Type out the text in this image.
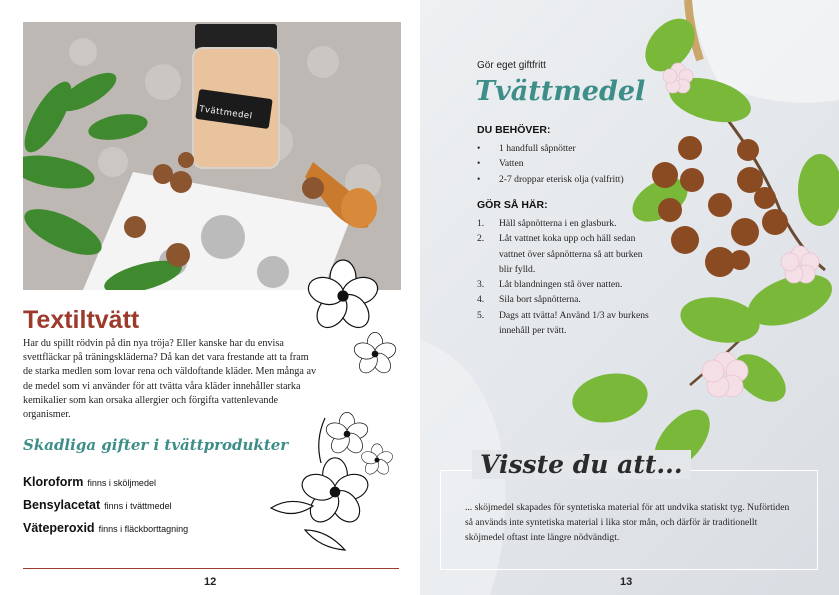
Tvättmedel
Textiltvätt

Har du spillt rödvin på din nya tröja? Eller kanske har du envisa svettfläckar på träningskläderna? Då kan det vara frestande att ta fram de starka medlen som lovar rena och väldoftande kläder. Men många av de medel som vi använder för att tvätta våra kläder innehåller starka kemikalier som kan orsaka allergier och förgifta vattenlevande organismer.

Skadliga gifter i tvättprodukter
Kloroform finns i sköljmedel
Bensylacetat finns i tvättmedel
Väteperoxid finns i fläckborttagning
12
Gör eget giftfritt
Tvättmedel
DU BEHÖVER:
• 1 handfull såpnötter
• Vatten
• 2-7 droppar eterisk olja (valfritt)
GÖR SÅ HÄR:
1. Häll såpnötterna i en glasburk.
2. Låt vattnet koka upp och häll sedan vattnet över såpnötterna så att burken blir fylld.
3. Låt blandningen stå över natten.
4. Sila bort såpnötterna.
5. Dags att tvätta! Använd 1/3 av burkens innehåll per tvätt.
Visste du att...

... sköjmedel skapades för syntetiska material för att undvika statiskt tyg. Nuförtiden så används inte syntetiska material i lika stor mån, och därför är traditionellt sköjmedel oftast inte längre nödvändigt.

13
